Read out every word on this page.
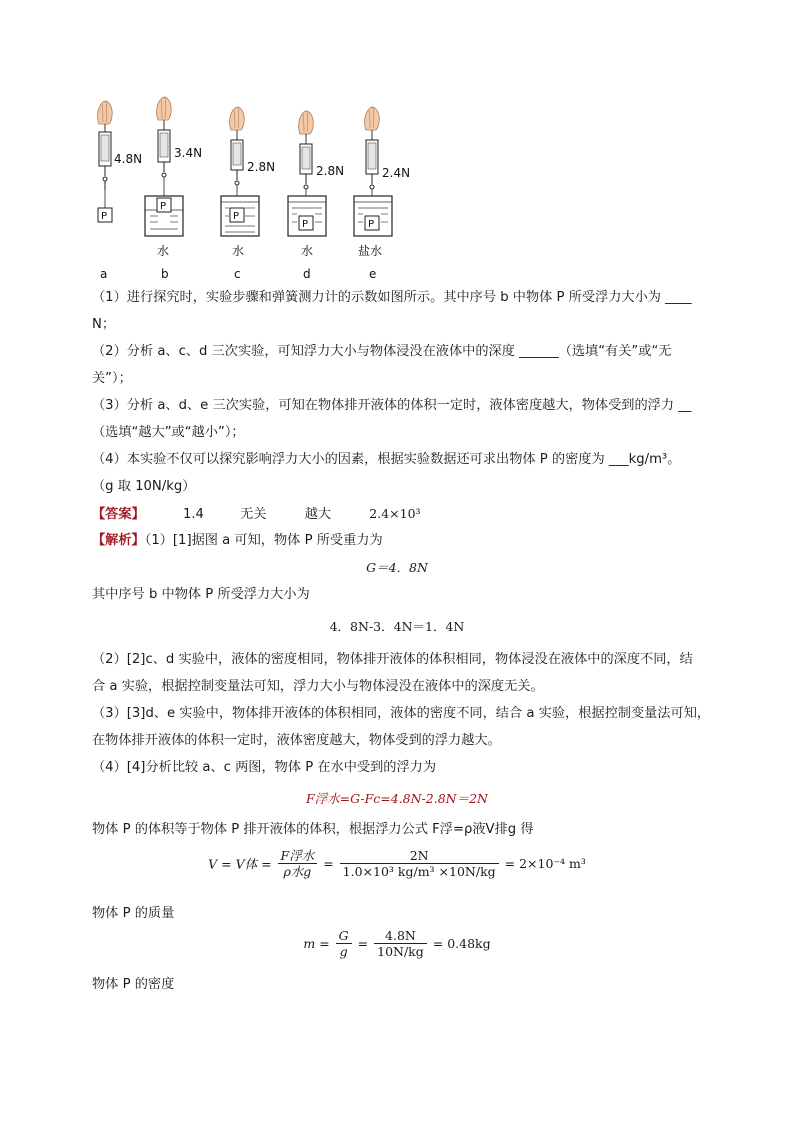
4.8N
P
a
3.4N
P
水
b
2.8N
P
水
c
2.8N
P
水
d
2.4N
P
盐水
e
（1）进行探究时，实验步骤和弹簧测力计的示数如图所示。其中序号 b 中物体 P 所受浮力大小为 ____
N；
（2）分析 a、c、d 三次实验，可知浮力大小与物体浸没在液体中的深度 ______（选填“有关”或“无
关”）；
（3）分析 a、d、e 三次实验，可知在物体排开液体的体积一定时，液体密度越大，物体受到的浮力 __
（选填“越大”或“越小”）；
（4）本实验不仅可以探究影响浮力大小的因素，根据实验数据还可求出物体 P 的密度为 ___kg/m³。
（g 取 10N/kg）
【答案】	1.4	无关	越大	2.4×10³
【解析】（1）[1]据图 a 可知，物体 P 所受重力为
G＝4．8N
其中序号 b 中物体 P 所受浮力大小为
4．8N-3．4N＝1．4N
（2）[2]c、d 实验中，液体的密度相同，物体排开液体的体积相同，物体浸没在液体中的深度不同，结
合 a 实验，根据控制变量法可知，浮力大小与物体浸没在液体中的深度无关。
（3）[3]d、e 实验中，物体排开液体的体积相同，液体的密度不同，结合 a 实验，根据控制变量法可知，
在物体排开液体的体积一定时，液体密度越大，物体受到的浮力越大。
（4）[4]分析比较 a、c 两图，物体 P 在水中受到的浮力为
F浮水=G-Fc=4.8N-2.8N＝2N
物体 P 的体积等于物体 P 排开液体的体积，根据浮力公式 F浮=ρ液V排g 得
V = V体 = $\frac{\text{F浮水}}{\text{ρ水g}} = \frac{2N}{\text{1.0×10³ kg/m³ ×10N/kg}} = 2\times 10^{-4}$ m³
物体 P 的质量
$m = \frac{G}{g} = \frac{4.8N}{10N/kg} = 0.48kg$
物体 P 的密度
